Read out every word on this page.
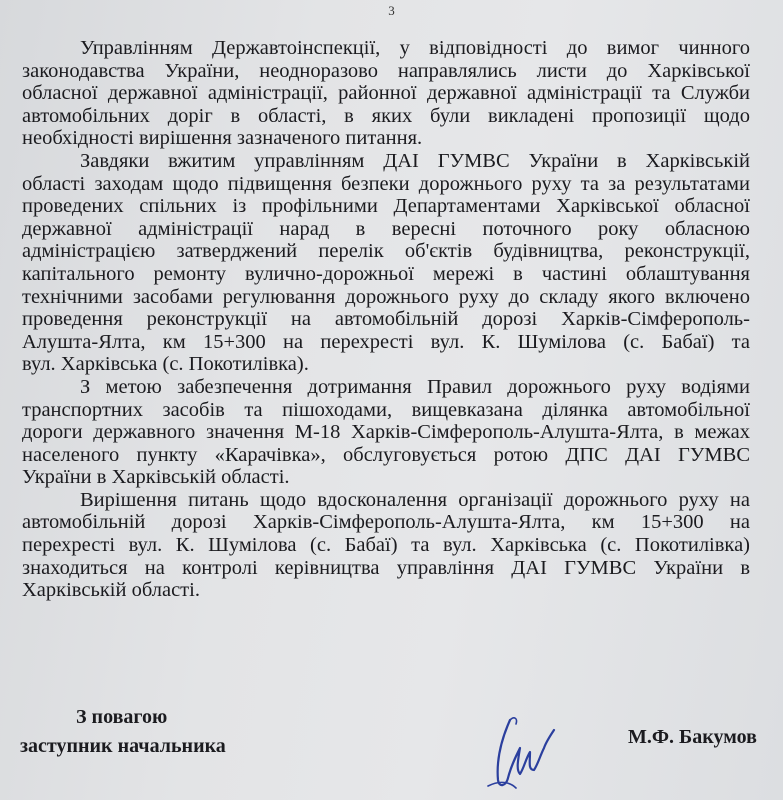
3
Управлінням Державтоінспекції, у відповідності до вимог чинного
законодавства України, неодноразово направлялись листи до Харківської
обласної державної адміністрації, районної державної адміністрації та Служби
автомобільних доріг в області, в яких були викладені пропозиції щодо
необхідності вирішення зазначеного питання.
Завдяки вжитим управлінням ДАІ ГУМВС України в Харківській
області заходам щодо підвищення безпеки дорожнього руху та за результатами
проведених спільних із профільними Департаментами Харківської обласної
державної адміністрації нарад в вересні поточного року обласною
адміністрацією затверджений перелік об'єктів будівництва, реконструкції,
капітального ремонту вулично-дорожньої мережі в частині облаштування
технічними засобами регулювання дорожнього руху до складу якого включено
проведення реконструкції на автомобільній дорозі Харків-Сімферополь-
Алушта-Ялта, км 15+300 на перехресті вул. К. Шумілова (с. Бабаї) та
вул. Харківська (с. Покотилівка).
З метою забезпечення дотримання Правил дорожнього руху водіями
транспортних засобів та пішоходами, вищевказана ділянка автомобільної
дороги державного значення М-18 Харків-Сімферополь-Алушта-Ялта, в межах
населеного пункту «Карачівка», обслуговується ротою ДПС ДАІ ГУМВС
України в Харківській області.
Вирішення питань щодо вдосконалення організації дорожнього руху на
автомобільній дорозі Харків-Сімферополь-Алушта-Ялта, км 15+300 на
перехресті вул. К. Шумілова (с. Бабаї) та вул. Харківська (с. Покотилівка)
знаходиться на контролі керівництва управління ДАІ ГУМВС України в
Харківській області.
З повагою
заступник начальника	М.Ф. Бакумов
